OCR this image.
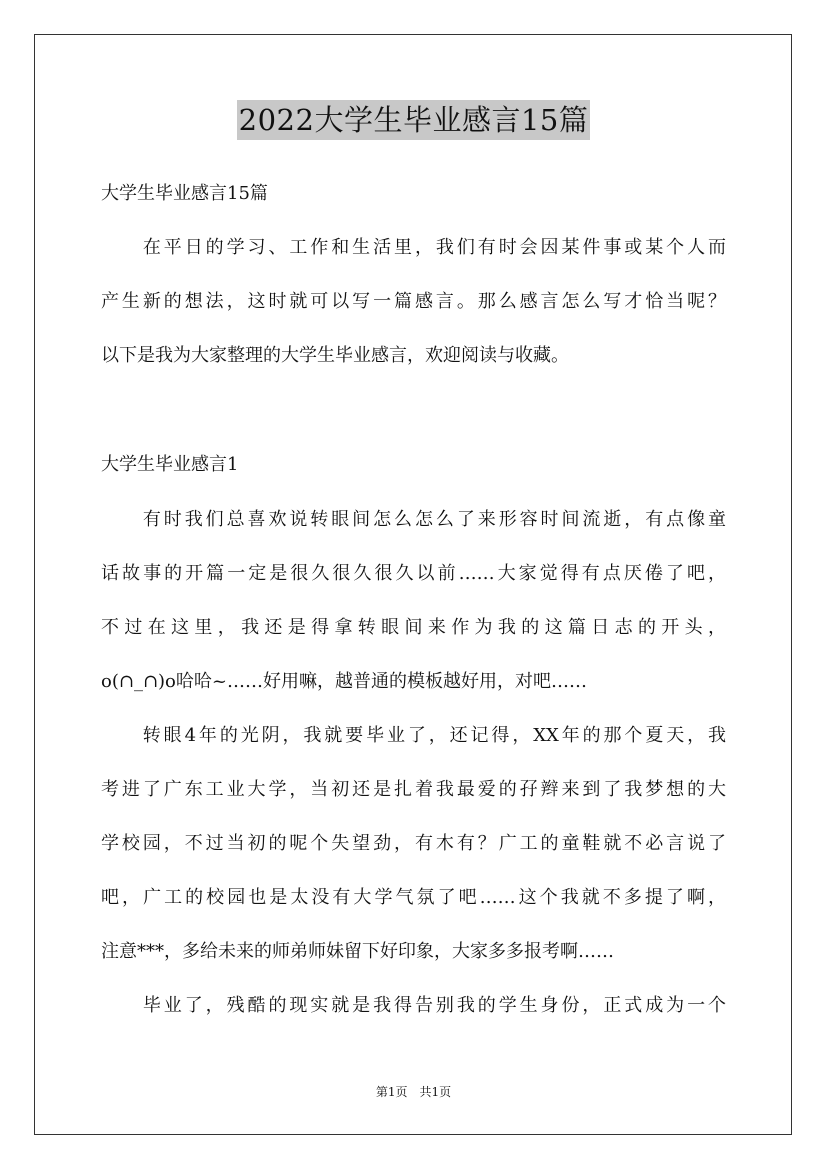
2022大学生毕业感言15篇
大学生毕业感言15篇
　　在平日的学习、工作和生活里，我们有时会因某件事或某个人而
产生新的想法，这时就可以写一篇感言。那么感言怎么写才恰当呢？
以下是我为大家整理的大学生毕业感言，欢迎阅读与收藏。
大学生毕业感言1
　　有时我们总喜欢说转眼间怎么怎么了来形容时间流逝，有点像童
话故事的开篇一定是很久很久很久以前……大家觉得有点厌倦了吧，
不过在这里，我还是得拿转眼间来作为我的这篇日志的开头，
o(∩_∩)o哈哈~……好用嘛，越普通的模板越好用，对吧……
　　转眼4年的光阴，我就要毕业了，还记得，XX年的那个夏天，我
考进了广东工业大学，当初还是扎着我最爱的孖辫来到了我梦想的大
学校园，不过当初的呢个失望劲，有木有？广工的童鞋就不必言说了
吧，广工的校园也是太没有大学气氛了吧……这个我就不多提了啊，
注意***，多给未来的师弟师妹留下好印象，大家多多报考啊……
　　毕业了，残酷的现实就是我得告别我的学生身份，正式成为一个
第1页　共1页
